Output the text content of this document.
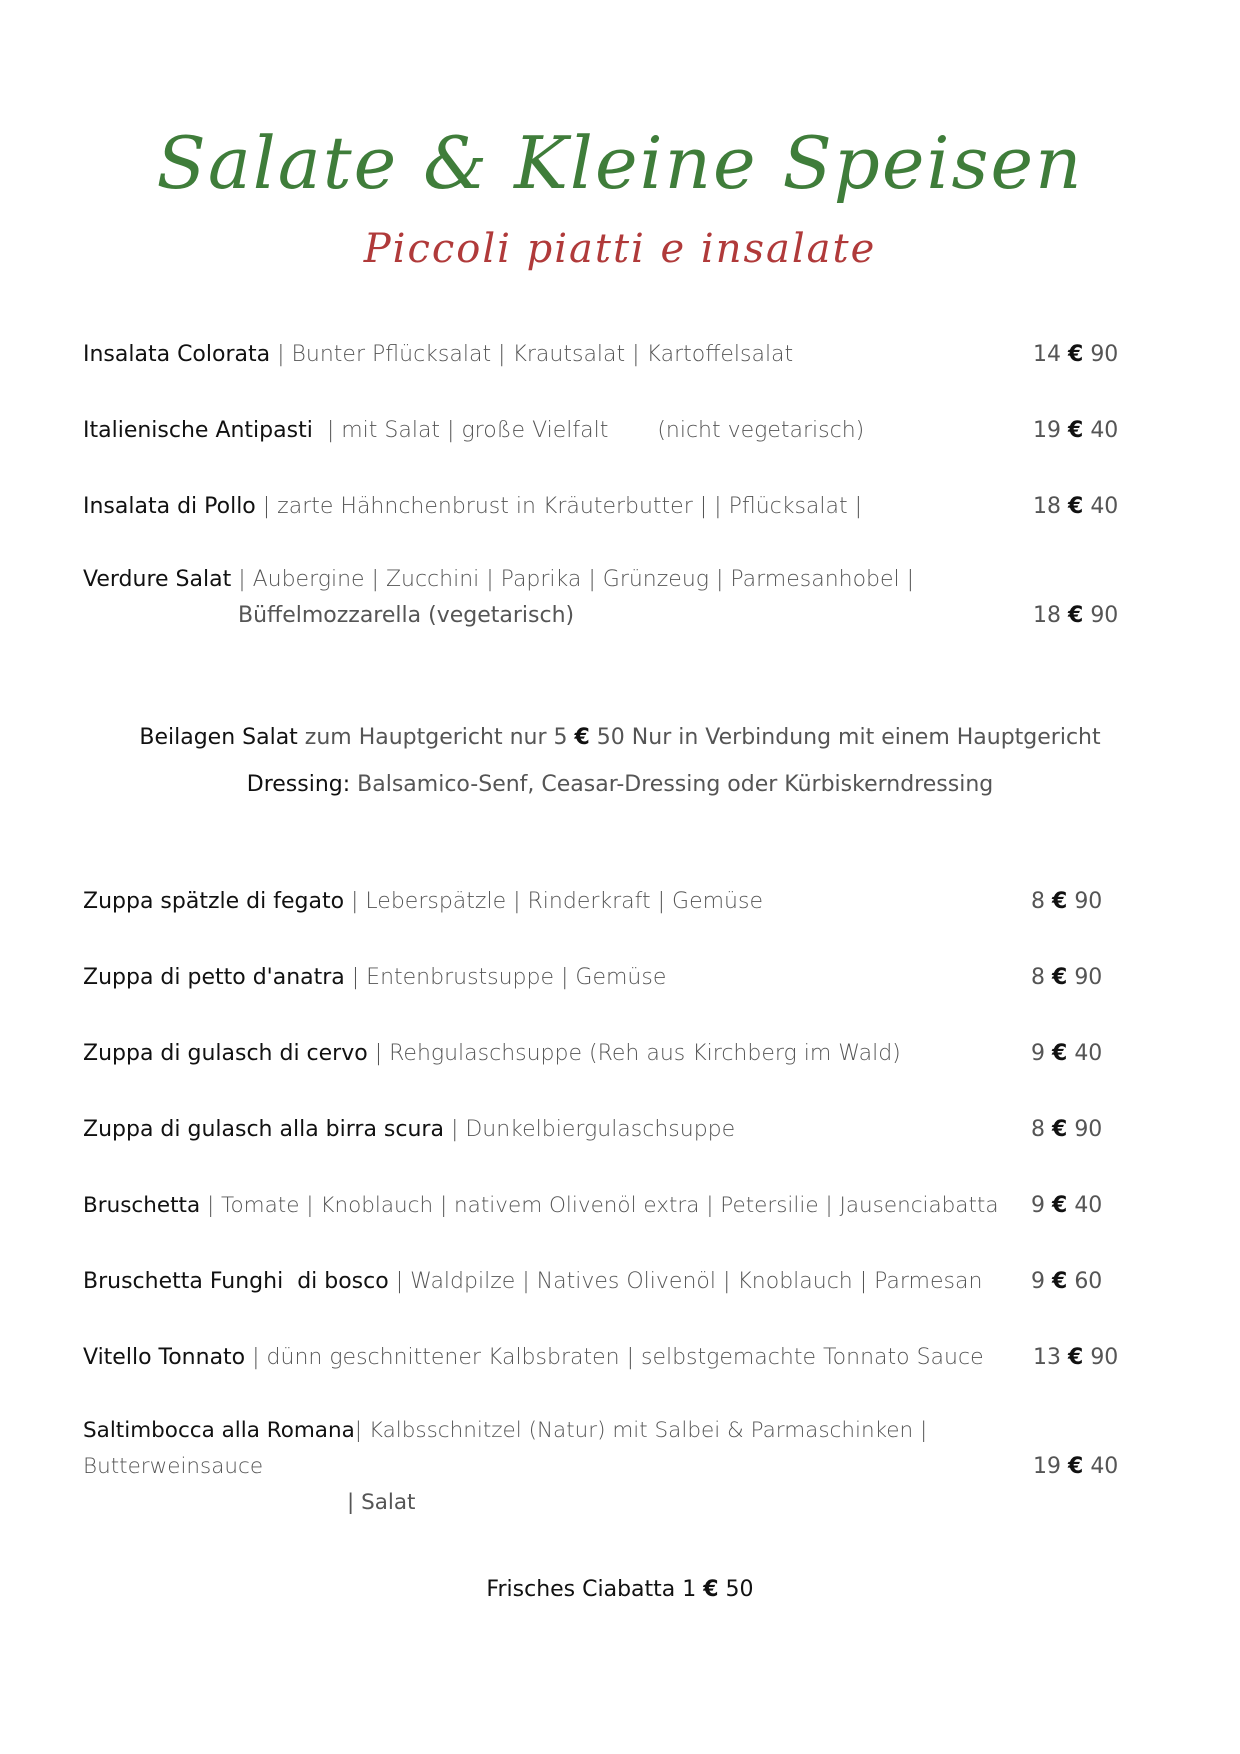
Salate & Kleine Speisen
Piccoli piatti e insalate
Insalata Colorata | Bunter Pflücksalat | Krautsalat | Kartoffelsalat	14 € 90
Italienische Antipasti  | mit Salat | große Vielfalt       (nicht vegetarisch)	19 € 40
Insalata di Pollo | zarte Hähnchenbrust in Kräuterbutter | | Pflücksalat |	18 € 40
Verdure Salat | Aubergine | Zucchini | Paprika | Grünzeug | Parmesanhobel |
Büffelmozzarella (vegetarisch)	18 € 90
Beilagen Salat zum Hauptgericht nur 5 € 50 Nur in Verbindung mit einem Hauptgericht
Dressing: Balsamico-Senf, Ceasar-Dressing oder Kürbiskerndressing
Zuppa spätzle di fegato | Leberspätzle | Rinderkraft | Gemüse	8 € 90
Zuppa di petto d'anatra | Entenbrustsuppe | Gemüse	8 € 90
Zuppa di gulasch di cervo | Rehgulaschsuppe (Reh aus Kirchberg im Wald)	9 € 40
Zuppa di gulasch alla birra scura | Dunkelbiergulaschsuppe	8 € 90
Bruschetta | Tomate | Knoblauch | nativem Olivenöl extra | Petersilie | Jausenciabatta	9 € 40
Bruschetta Funghi  di bosco | Waldpilze | Natives Olivenöl | Knoblauch | Parmesan	9 € 60
Vitello Tonnato | dünn geschnittener Kalbsbraten | selbstgemachte Tonnato Sauce	13 € 90
Saltimbocca alla Romana| Kalbsschnitzel (Natur) mit Salbei & Parmaschinken | Butterweinsauce
| Salat
19 € 40
Frisches Ciabatta 1 € 50
